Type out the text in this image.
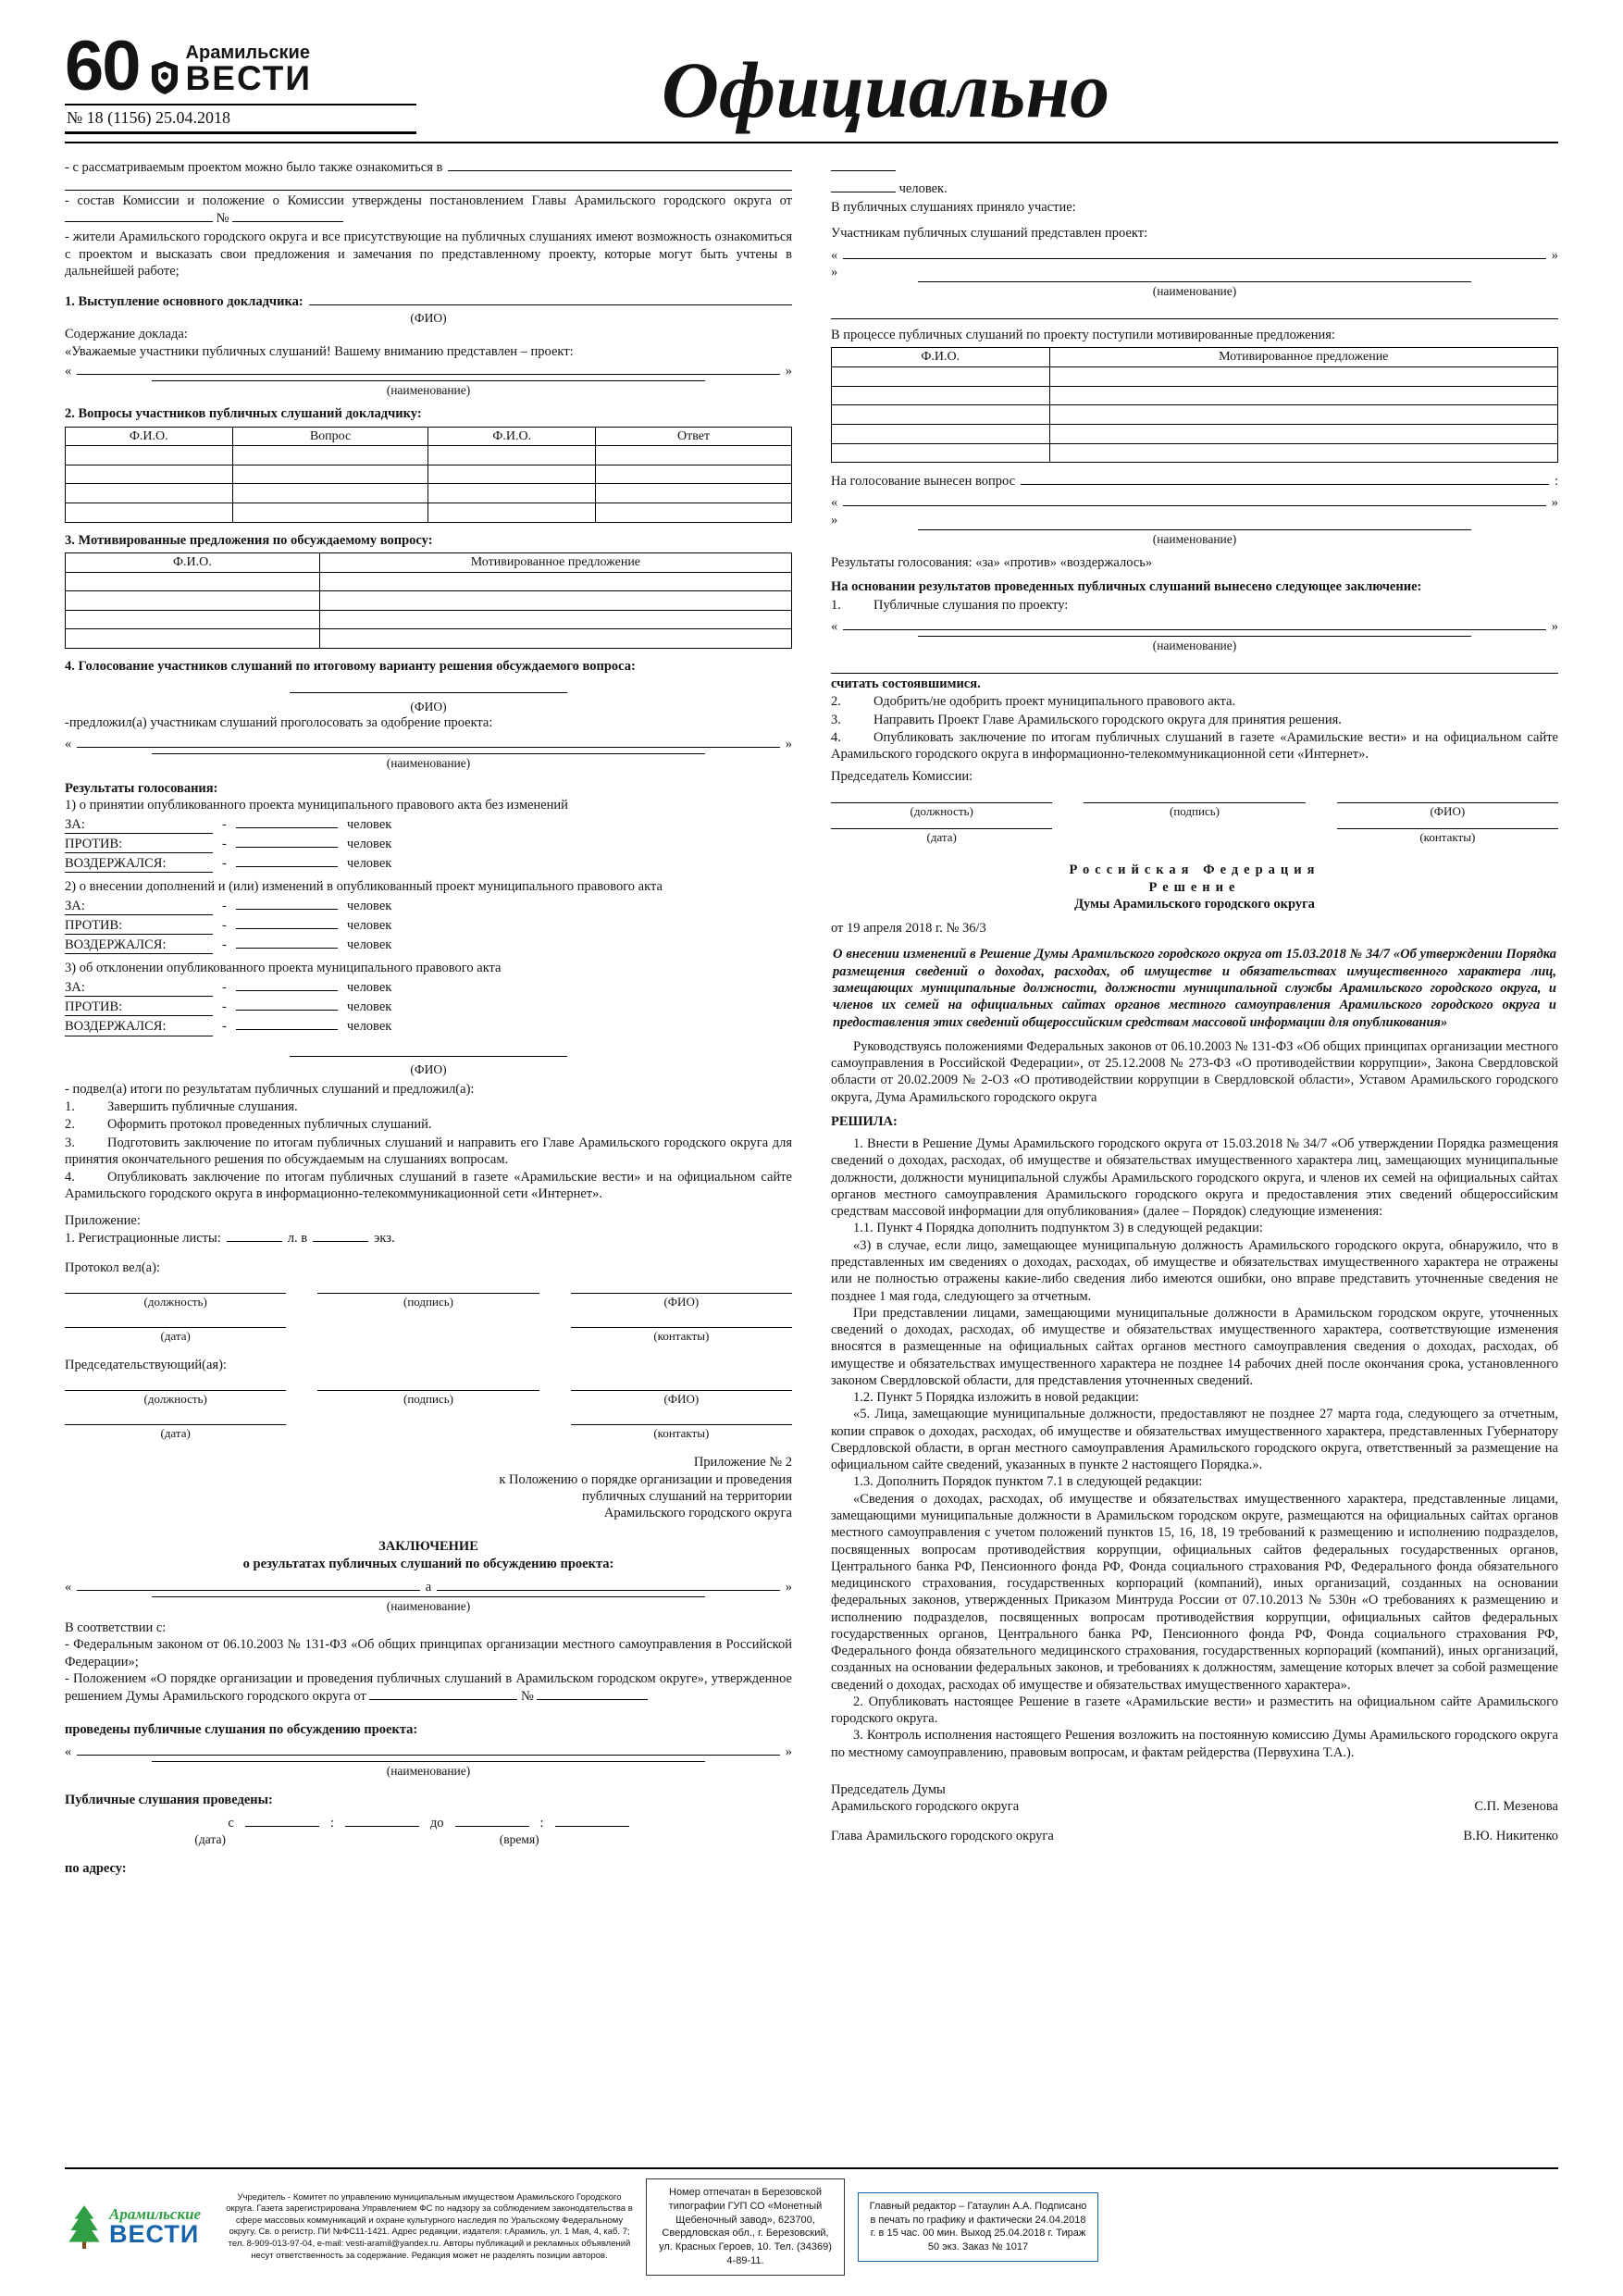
60	Арамильские
ВЕСТИ
№ 18 (1156) 25.04.2018	Официально
- с рассматриваемым проектом можно было также ознакомиться в

- состав Комиссии и положение о Комиссии утверждены постановлением Главы Арамильского городского округа от  №

- жители Арамильского городского округа и все присутствующие на публичных слушаниях имеют возможность ознакомиться с проектом и высказать свои предложения и замечания по представленному проекту, которые могут быть учтены в дальнейшей работе;

1. Выступление основного докладчика:
(ФИО)

Содержание доклада:

«Уважаемые участники публичных слушаний! Вашему вниманию представлен – проект:

«	»
(наименование)

2. Вопросы участников публичных слушаний докладчику:

Ф.И.О.	Вопрос	Ф.И.О.	Ответ

3. Мотивированные предложения по обсуждаемому вопросу:

Ф.И.О.	Мотивированное предложение

4. Голосование участников слушаний по итоговому варианту решения обсуждаемого вопроса:

(ФИО)

-предложил(а) участникам слушаний проголосовать за одобрение проекта:

«	»
(наименование)

Результаты голосования:

1) о принятии опубликованного проекта муниципального правового акта без изменений

ЗА:	-	человек
ПРОТИВ:	-	человек
ВОЗДЕРЖАЛСЯ:	-	человек

2) о внесении дополнений и (или) изменений в опубликованный проект муниципального правового акта

ЗА:	-	человек
ПРОТИВ:	-	человек
ВОЗДЕРЖАЛСЯ:	-	человек

3) об отклонении опубликованного проекта муниципального правового акта

ЗА:	-	человек
ПРОТИВ:	-	человек
ВОЗДЕРЖАЛСЯ:	-	человек
(ФИО)

- подвел(а) итоги по результатам публичных слушаний и предложил(а):

1. Завершить публичные слушания.
2. Оформить протокол проведенных публичных слушаний.
3. Подготовить заключение по итогам публичных слушаний и направить его Главе Арамильского городского округа для принятия окончательного решения по обсуждаемым на слушаниях вопросам.
4. Опубликовать заключение по итогам публичных слушаний в газете «Арамильские вести» и на официальном сайте Арамильского городского округа в информационно-телекоммуникационной сети «Интернет».

Приложение:

1. Регистрационные листы:	л. в	экз.

Протокол вел(а):

(должность)	(подпись)	(ФИО)
(дата)	(контакты)

Председательствующий(ая):

(должность)	(подпись)	(ФИО)
(дата)	(контакты)
Приложение № 2
к Положению о порядке организации и проведения
публичных слушаний на территории
Арамильского городского округа

ЗАКЛЮЧЕНИЕ

о результатах публичных слушаний по обсуждению проекта:

«	а	»
(наименование)

В соответствии с:

- Федеральным законом от 06.10.2003 № 131-ФЗ «Об общих принципах организации местного самоуправления в Российской Федерации»;

- Положением «О порядке организации и проведения публичных слушаний в Арамильском городском округе», утвержденное решением Думы Арамильского городского округа от	№

проведены публичные слушания по обсуждению проекта:

«	»
(наименование)

Публичные слушания проведены:

с	:	до	:
(дата)	(время)

по адресу:

человек.

В публичных слушаниях приняло участие:

Участникам публичных слушаний представлен проект:

«	»
»
(наименование)

В процессе публичных слушаний по проекту поступили мотивированные предложения:

Ф.И.О.	Мотивированное предложение

На голосование вынесен вопрос	:
«	»
»
(наименование)

Результаты голосования: «за» «против» «воздержалось»

На основании результатов проведенных публичных слушаний вынесено следующее заключение:

1. Публичные слушания по проекту:
«	»
(наименование)

считать состоявшимися.

2. Одобрить/не одобрить проект муниципального правового акта.
3. Направить Проект Главе Арамильского городского округа для принятия решения.
4. Опубликовать заключение по итогам публичных слушаний в газете «Арамильские вести» и на официальном сайте Арамильского городского округа в информационно-телекоммуникационной сети «Интернет».

Председатель Комиссии:

(должность)	(подпись)	(ФИО)
(дата)	(контакты)

Российская Федерация

Решение

Думы Арамильского городского округа

от 19 апреля 2018 г. № 36/3

О внесении изменений в Решение Думы Арамильского городского округа от 15.03.2018 № 34/7 «Об утверждении Порядка размещения сведений о доходах, расходах, об имуществе и обязательствах имущественного характера лиц, замещающих муниципальные должности, должности муниципальной службы Арамильского городского округа, и членов их семей на официальных сайтах органов местного самоуправления Арамильского городского округа и предоставления этих сведений общероссийским средствам массовой информации для опубликования»

Руководствуясь положениями Федеральных законов от 06.10.2003 № 131-ФЗ «Об общих принципах организации местного самоуправления в Российской Федерации», от 25.12.2008 № 273-ФЗ «О противодействии коррупции», Закона Свердловской области от 20.02.2009 № 2-ОЗ «О противодействии коррупции в Свердловской области», Уставом Арамильского городского округа, Дума Арамильского городского округа

РЕШИЛА:

1. Внести в Решение Думы Арамильского городского округа от 15.03.2018 № 34/7 «Об утверждении Порядка размещения сведений о доходах, расходах, об имуществе и обязательствах имущественного характера лиц, замещающих муниципальные должности, должности муниципальной службы Арамильского городского округа, и членов их семей на официальных сайтах органов местного самоуправления Арамильского городского округа и предоставления этих сведений общероссийским средствам массовой информации для опубликования» (далее – Порядок) следующие изменения:

1.1. Пункт 4 Порядка дополнить подпунктом 3) в следующей редакции:

«3) в случае, если лицо, замещающее муниципальную должность Арамильского городского округа, обнаружило, что в представленных им сведениях о доходах, расходах, об имуществе и обязательствах имущественного характера не отражены или не полностью отражены какие-либо сведения либо имеются ошибки, оно вправе представить уточненные сведения не позднее 1 мая года, следующего за отчетным.

При представлении лицами, замещающими муниципальные должности в Арамильском городском округе, уточненных сведений о доходах, расходах, об имуществе и обязательствах имущественного характера, соответствующие изменения вносятся в размещенные на официальных сайтах органов местного самоуправления сведения о доходах, расходах, об имуществе и обязательствах имущественного характера не позднее 14 рабочих дней после окончания срока, установленного законом Свердловской области, для представления уточненных сведений.

1.2. Пункт 5 Порядка изложить в новой редакции:

«5. Лица, замещающие муниципальные должности, предоставляют не позднее 27 марта года, следующего за отчетным, копии справок о доходах, расходах, об имуществе и обязательствах имущественного характера, представленных Губернатору Свердловской области, в орган местного самоуправления Арамильского городского округа, ответственный за размещение на официальном сайте сведений, указанных в пункте 2 настоящего Порядка.».

1.3. Дополнить Порядок пунктом 7.1 в следующей редакции:

«Сведения о доходах, расходах, об имуществе и обязательствах имущественного характера, представленные лицами, замещающими муниципальные должности в Арамильском городском округе, размещаются на официальных сайтах органов местного самоуправления с учетом положений пунктов 15, 16, 18, 19 требований к размещению и исполнению подразделов, посвященных вопросам противодействия коррупции, официальных сайтов федеральных государственных органов, Центрального банка РФ, Пенсионного фонда РФ, Фонда социального страхования РФ, Федерального фонда обязательного медицинского страхования, государственных корпораций (компаний), иных организаций, созданных на основании федеральных законов, утвержденных Приказом Минтруда России от 07.10.2013 № 530н «О требованиях к размещению и исполнению подразделов, посвященных вопросам противодействия коррупции, официальных сайтов федеральных государственных органов, Центрального банка РФ, Пенсионного фонда РФ, Фонда социального страхования РФ, Федерального фонда обязательного медицинского страхования, государственных корпораций (компаний), иных организаций, созданных на основании федеральных законов, и требованиях к должностям, замещение которых влечет за собой размещение сведений о доходах, расходах об имуществе и обязательствах имущественного характера».

2. Опубликовать настоящее Решение в газете «Арамильские вести» и разместить на официальном сайте Арамильского городского округа.

3. Контроль исполнения настоящего Решения возложить на постоянную комиссию Думы Арамильского городского округа по местному самоуправлению, правовым вопросам, и фактам рейдерства (Первухина Т.А.).

Председатель Думы
Арамильского городского округа	С.П. Мезенова
Глава Арамильского городского округа	В.Ю. Никитенко
Арамильские
ВЕСТИ
Учредитель - Комитет по управлению муниципальным имуществом Арамильского Городского округа. Газета зарегистрирована Управлением ФС по надзору за соблюдением законодательства в сфере массовых коммуникаций и охране культурного наследия по Уральскому Федеральному округу. Св. о регистр. ПИ №ФС11-1421. Адрес редакции, издателя: г.Арамиль, ул. 1 Мая, 4, каб. 7; тел. 8-909-013-97-04, e-mail: vesti-aramil@yandex.ru. Авторы публикаций и рекламных объявлений несут ответственность за содержание. Редакция может не разделять позиции авторов.
Номер отпечатан в Березовской типографии ГУП СО «Монетный Щебеночный завод», 623700, Свердловская обл., г. Березовский, ул. Красных Героев, 10. Тел. (34369) 4-89-11.
Главный редактор – Гатаулин А.А. Подписано в печать по графику и фактически 24.04.2018 г. в 15 час. 00 мин. Выход 25.04.2018 г. Тираж 50 экз. Заказ № 1017
